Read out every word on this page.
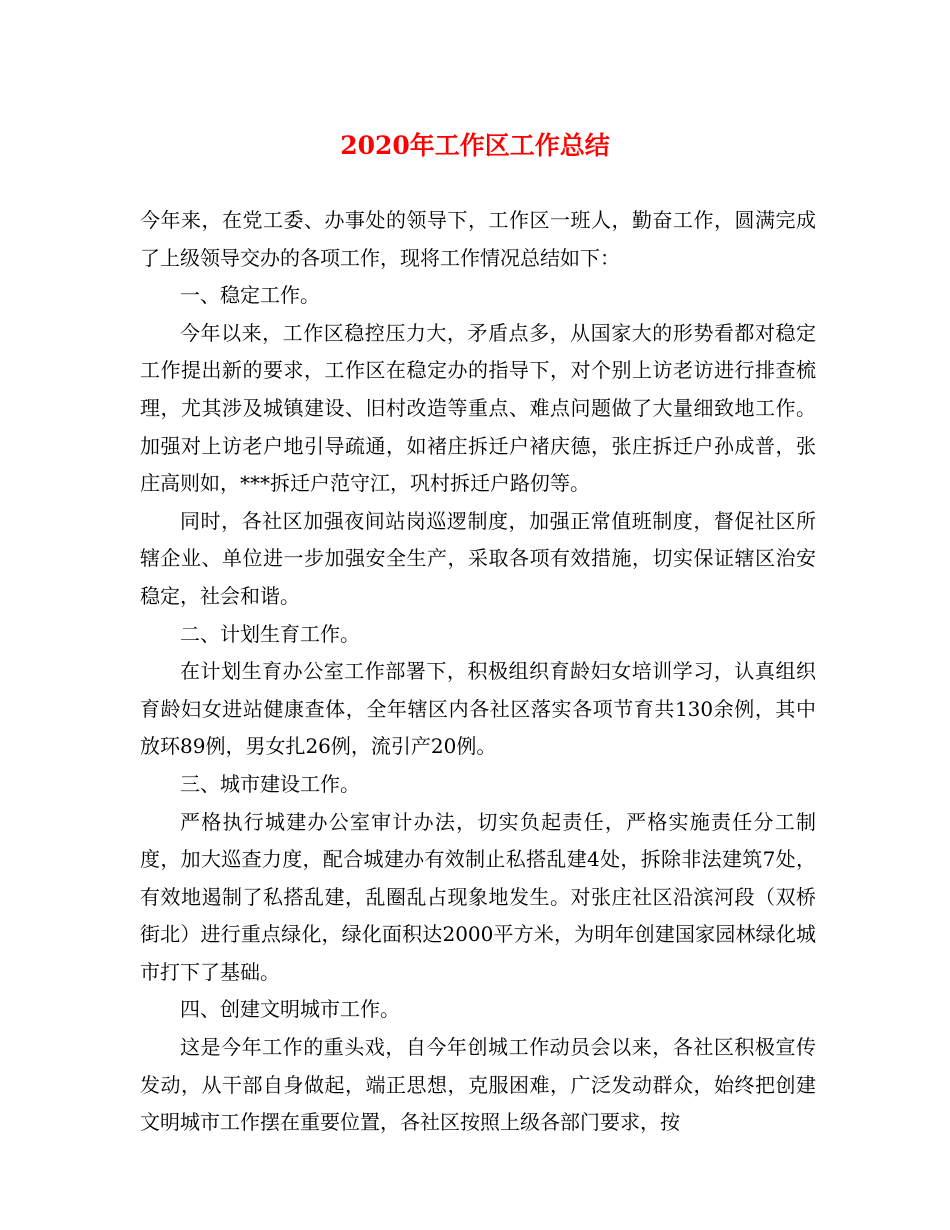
2020年工作区工作总结

今年来，在党工委、办事处的领导下，工作区一班人，勤奋工作，圆满完成了上级领导交办的各项工作，现将工作情况总结如下：

一、稳定工作。

今年以来，工作区稳控压力大，矛盾点多，从国家大的形势看都对稳定工作提出新的要求，工作区在稳定办的指导下，对个别上访老访进行排查梳理，尤其涉及城镇建设、旧村改造等重点、难点问题做了大量细致地工作。加强对上访老户地引导疏通，如褚庄拆迁户褚庆德，张庄拆迁户孙成普，张庄高则如，***拆迁户范守江，巩村拆迁户路仞等。

同时，各社区加强夜间站岗巡逻制度，加强正常值班制度，督促社区所辖企业、单位进一步加强安全生产，采取各项有效措施，切实保证辖区治安稳定，社会和谐。

二、计划生育工作。

在计划生育办公室工作部署下，积极组织育龄妇女培训学习，认真组织育龄妇女进站健康查体，全年辖区内各社区落实各项节育共130余例，其中放环89例，男女扎26例，流引产20例。

三、城市建设工作。

严格执行城建办公室审计办法，切实负起责任，严格实施责任分工制度，加大巡查力度，配合城建办有效制止私搭乱建4处，拆除非法建筑7处，有效地遏制了私搭乱建，乱圈乱占现象地发生。对张庄社区沿滨河段（双桥街北）进行重点绿化，绿化面积达2000平方米，为明年创建国家园林绿化城市打下了基础。

四、创建文明城市工作。

这是今年工作的重头戏，自今年创城工作动员会以来，各社区积极宣传发动，从干部自身做起，端正思想，克服困难，广泛发动群众，始终把创建文明城市工作摆在重要位置，各社区按照上级各部门要求，按
